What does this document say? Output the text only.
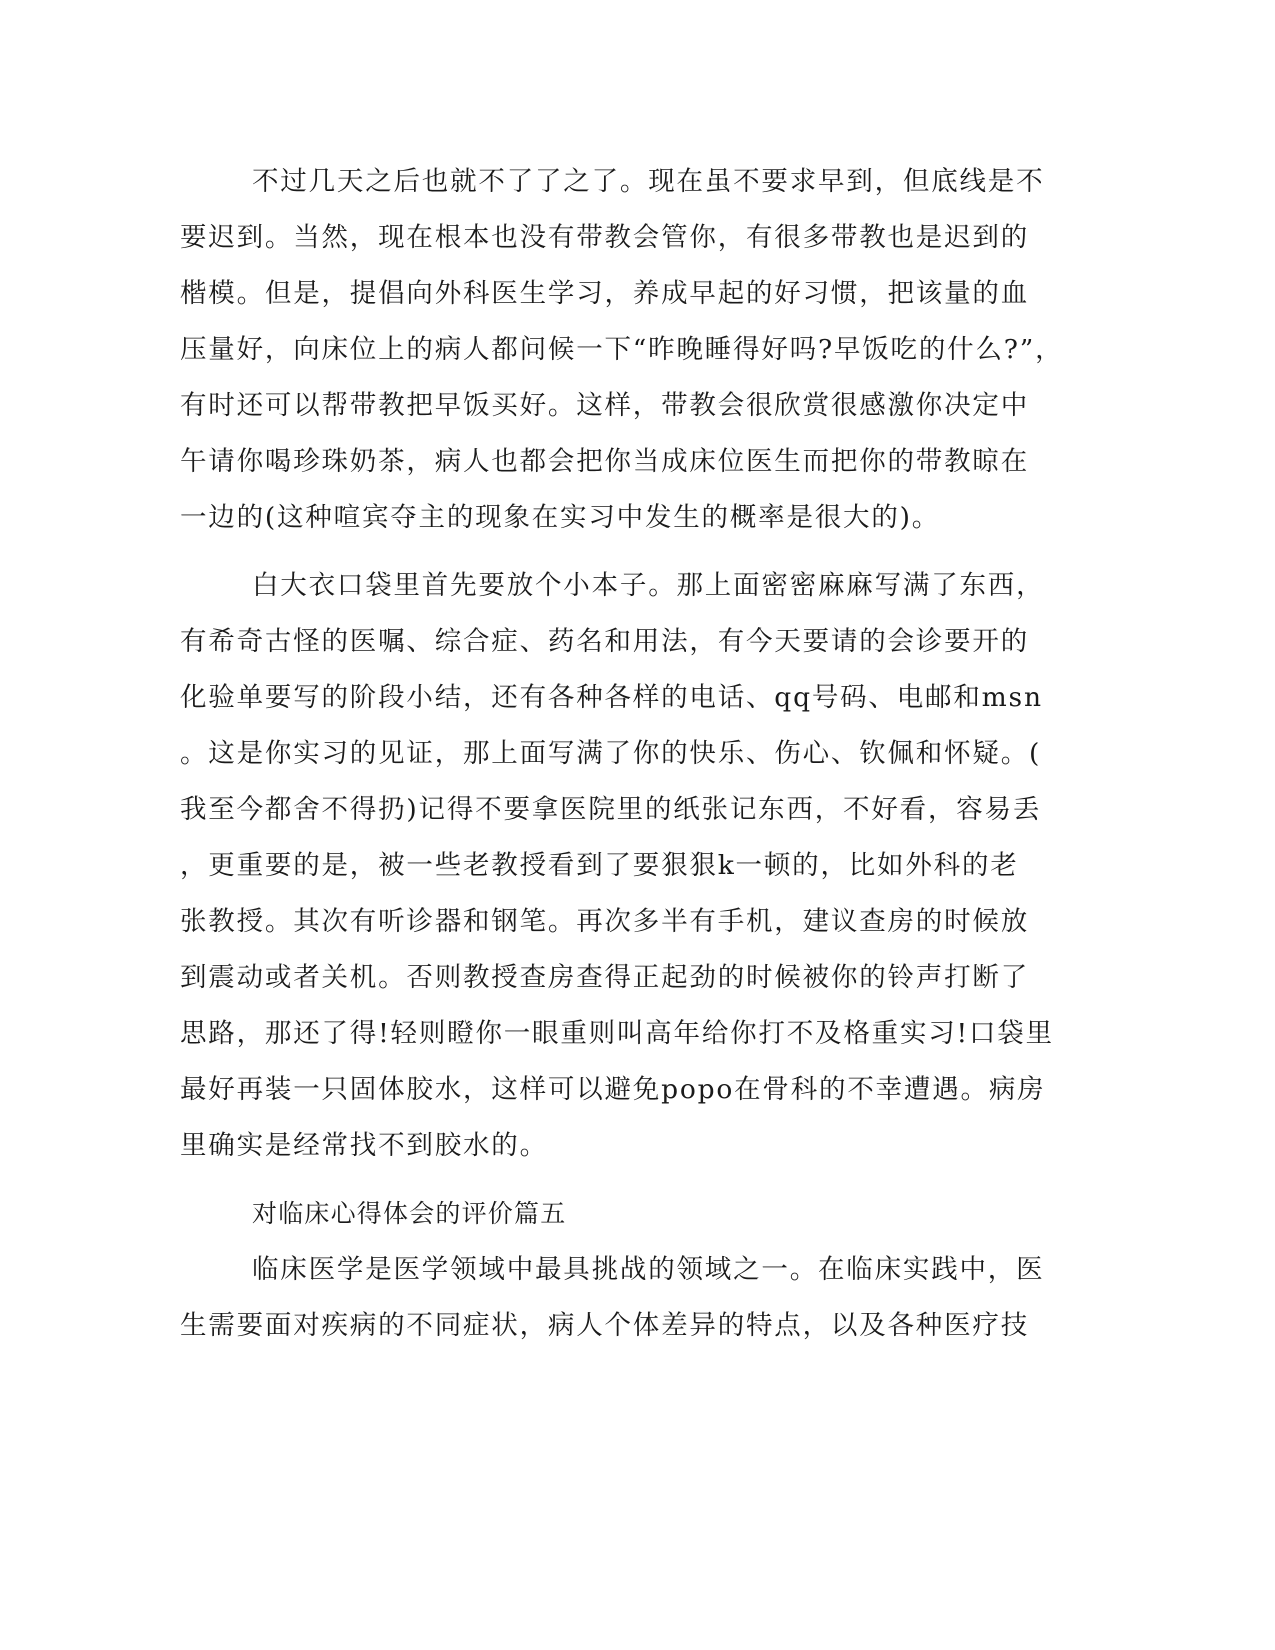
不过几天之后也就不了了之了。现在虽不要求早到，但底线是不
要迟到。当然，现在根本也没有带教会管你，有很多带教也是迟到的
楷模。但是，提倡向外科医生学习，养成早起的好习惯，把该量的血
压量好，向床位上的病人都问候一下“昨晚睡得好吗?早饭吃的什么?”，
有时还可以帮带教把早饭买好。这样，带教会很欣赏很感激你决定中
午请你喝珍珠奶茶，病人也都会把你当成床位医生而把你的带教晾在
一边的(这种喧宾夺主的现象在实习中发生的概率是很大的)。
白大衣口袋里首先要放个小本子。那上面密密麻麻写满了东西，
有希奇古怪的医嘱、综合症、药名和用法，有今天要请的会诊要开的
化验单要写的阶段小结，还有各种各样的电话、qq号码、电邮和msn
。这是你实习的见证，那上面写满了你的快乐、伤心、钦佩和怀疑。(
我至今都舍不得扔)记得不要拿医院里的纸张记东西，不好看，容易丢
，更重要的是，被一些老教授看到了要狠狠k一顿的，比如外科的老
张教授。其次有听诊器和钢笔。再次多半有手机，建议查房的时候放
到震动或者关机。否则教授查房查得正起劲的时候被你的铃声打断了
思路，那还了得!轻则瞪你一眼重则叫高年给你打不及格重实习!口袋里
最好再装一只固体胶水，这样可以避免popo在骨科的不幸遭遇。病房
里确实是经常找不到胶水的。
对临床心得体会的评价篇五
临床医学是医学领域中最具挑战的领域之一。在临床实践中，医
生需要面对疾病的不同症状，病人个体差异的特点，以及各种医疗技
